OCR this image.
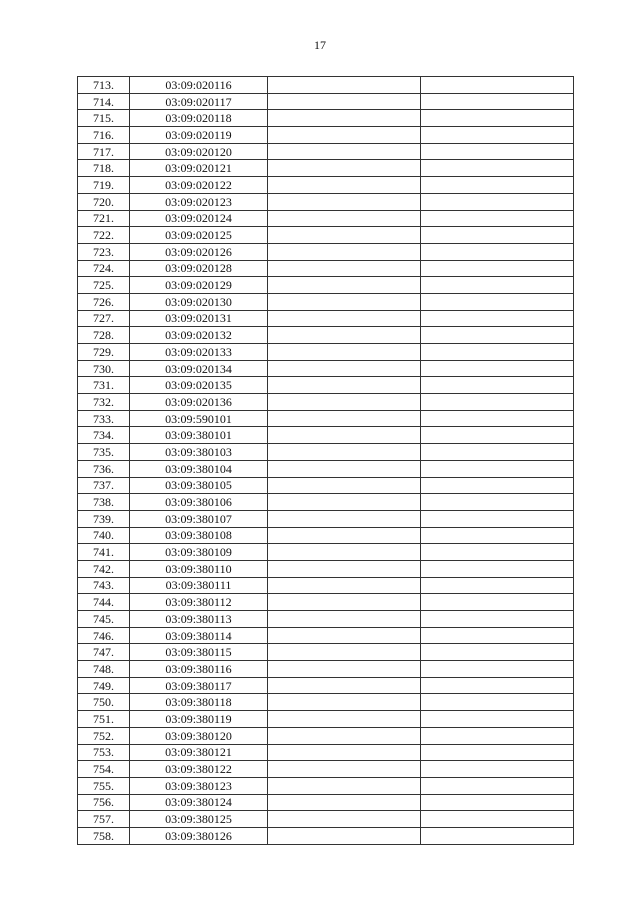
17
713.	03:09:020116		
714.	03:09:020117		
715.	03:09:020118		
716.	03:09:020119		
717.	03:09:020120		
718.	03:09:020121		
719.	03:09:020122		
720.	03:09:020123		
721.	03:09:020124		
722.	03:09:020125		
723.	03:09:020126		
724.	03:09:020128		
725.	03:09:020129		
726.	03:09:020130		
727.	03:09:020131		
728.	03:09:020132		
729.	03:09:020133		
730.	03:09:020134		
731.	03:09:020135		
732.	03:09:020136		
733.	03:09:590101		
734.	03:09:380101		
735.	03:09:380103		
736.	03:09:380104		
737.	03:09:380105		
738.	03:09:380106		
739.	03:09:380107		
740.	03:09:380108		
741.	03:09:380109		
742.	03:09:380110		
743.	03:09:380111		
744.	03:09:380112		
745.	03:09:380113		
746.	03:09:380114		
747.	03:09:380115		
748.	03:09:380116		
749.	03:09:380117		
750.	03:09:380118		
751.	03:09:380119		
752.	03:09:380120		
753.	03:09:380121		
754.	03:09:380122		
755.	03:09:380123		
756.	03:09:380124		
757.	03:09:380125		
758.	03:09:380126		
